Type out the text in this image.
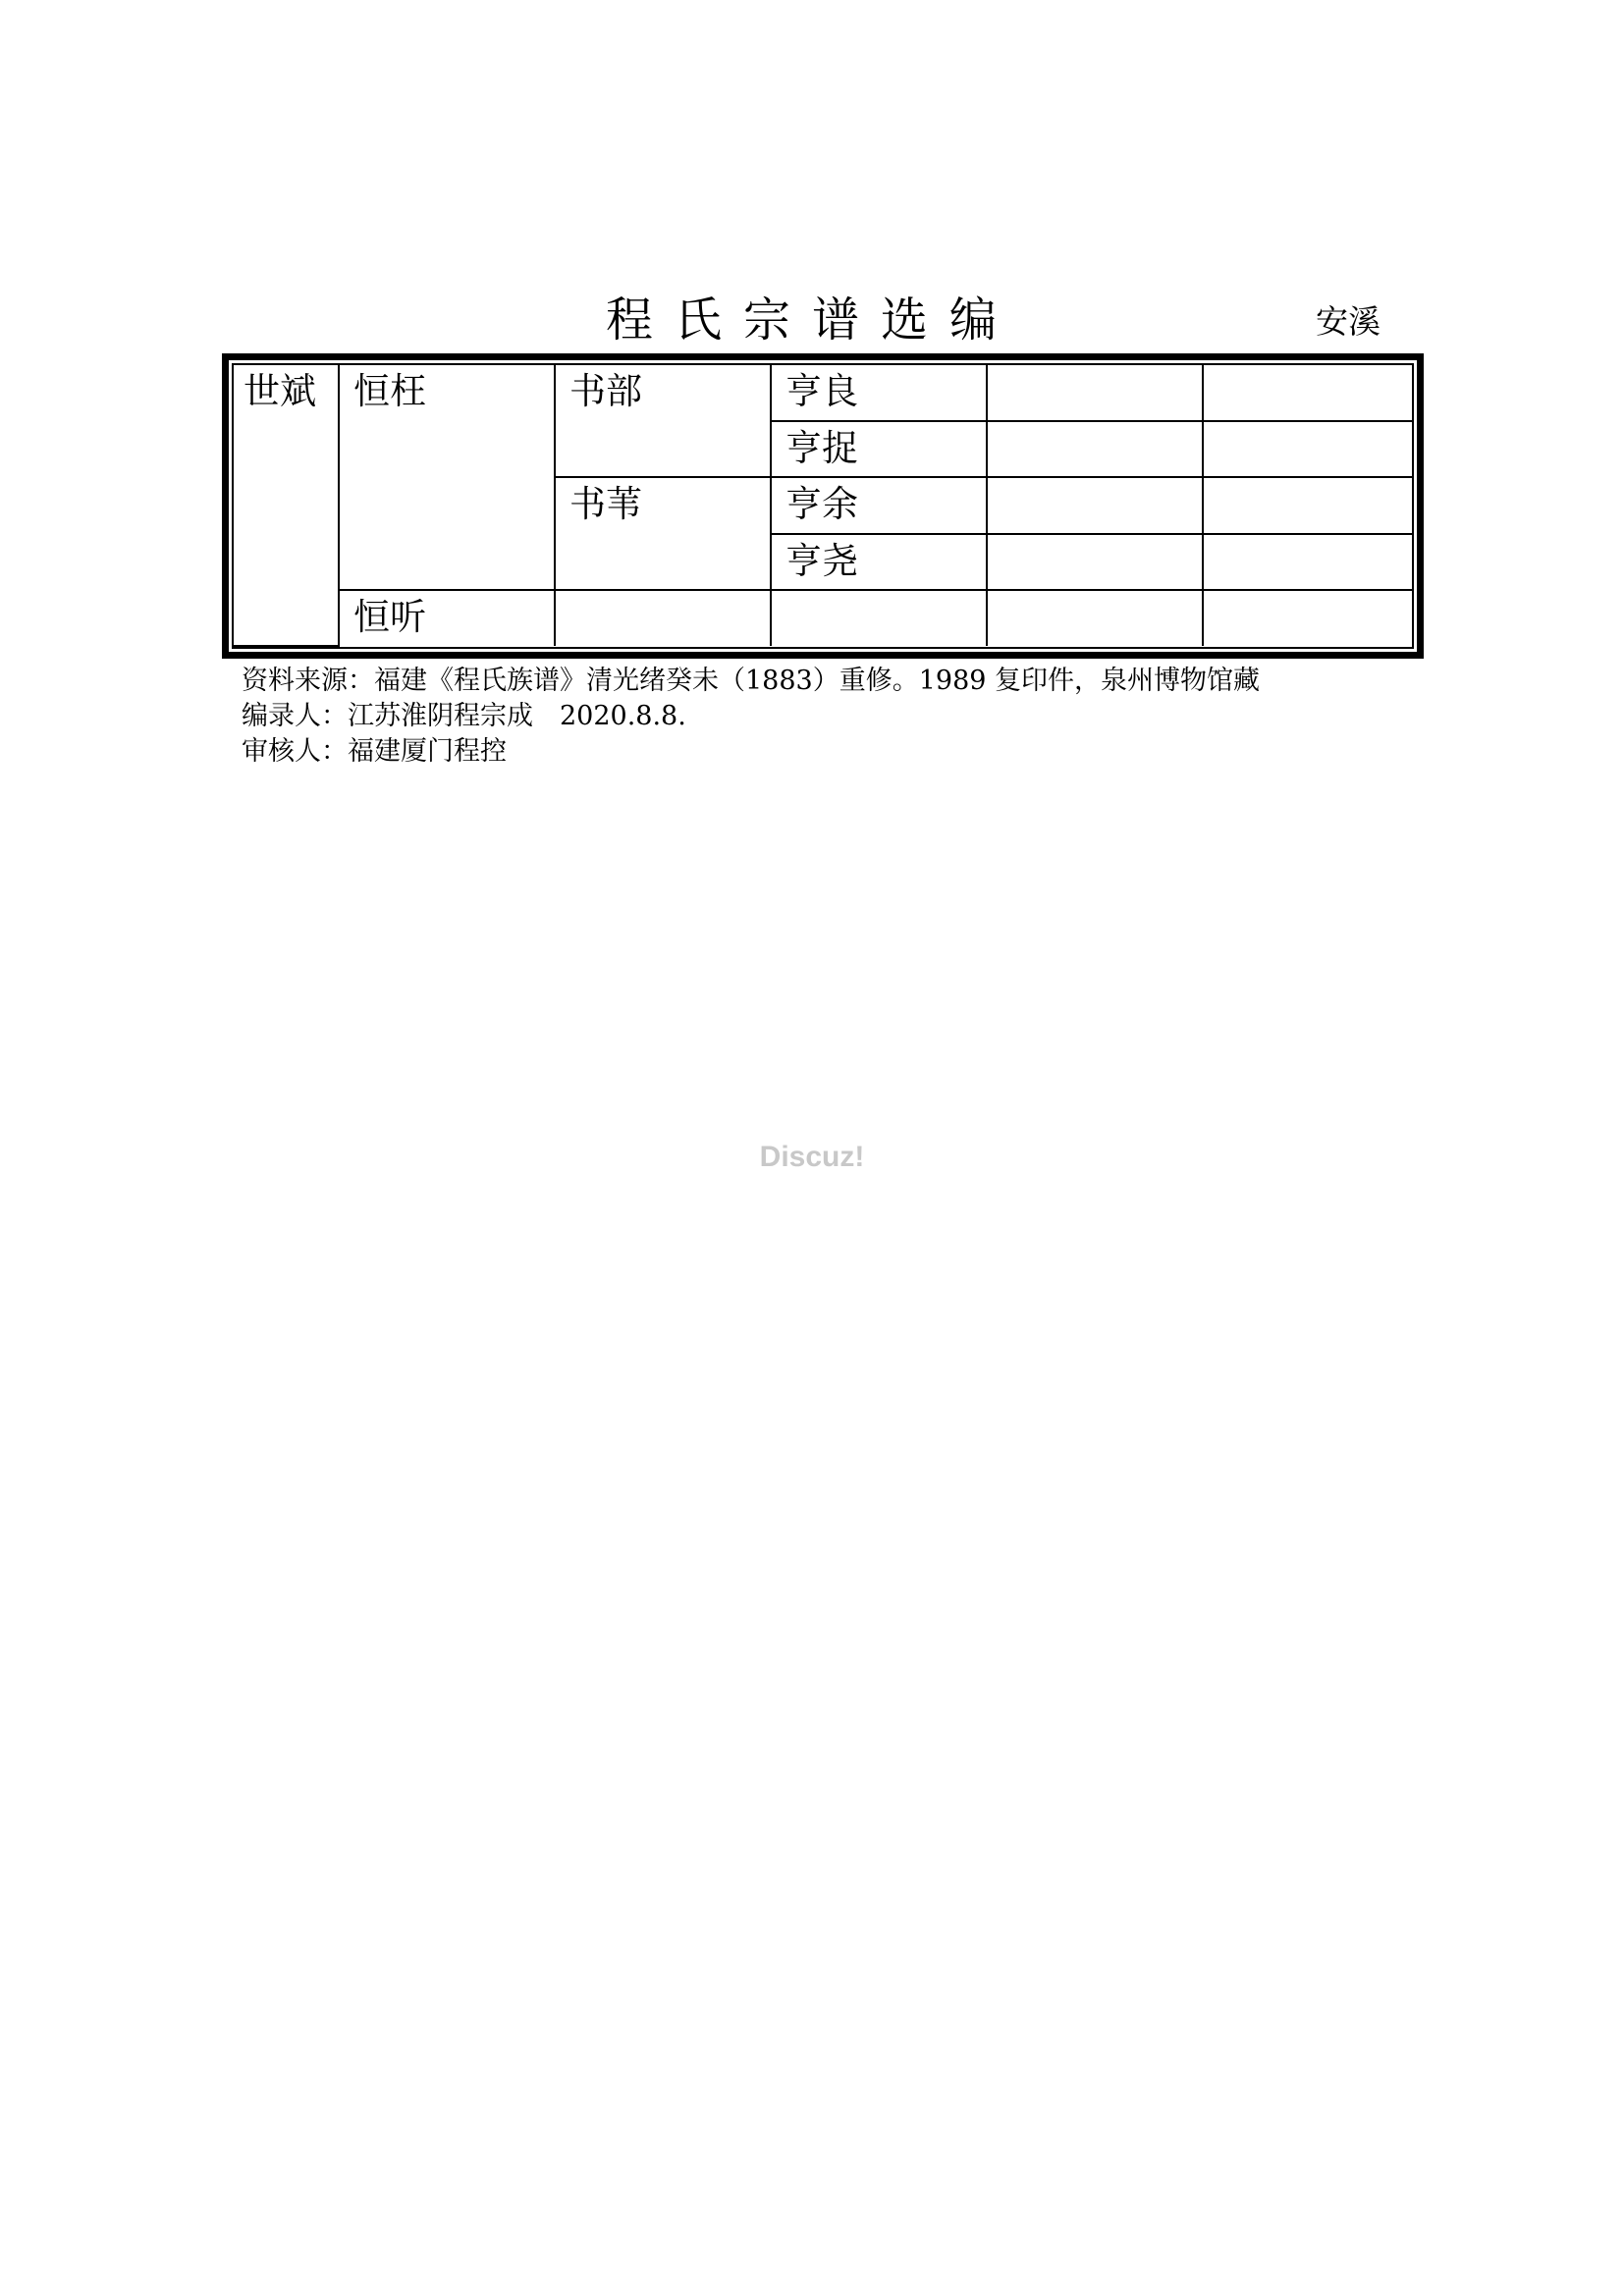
程氏宗谱选编	安溪
世斌	恒枉	书部	亨良		
			亨捉		
		书苇	亨余		
			亨尧		
	恒听				
资料来源：福建《程氏族谱》清光绪癸未（1883）重修。1989 复印件，泉州博物馆藏
编录人：江苏淮阴程宗成　2020.8.8.
审核人：福建厦门程控
Discuz!
